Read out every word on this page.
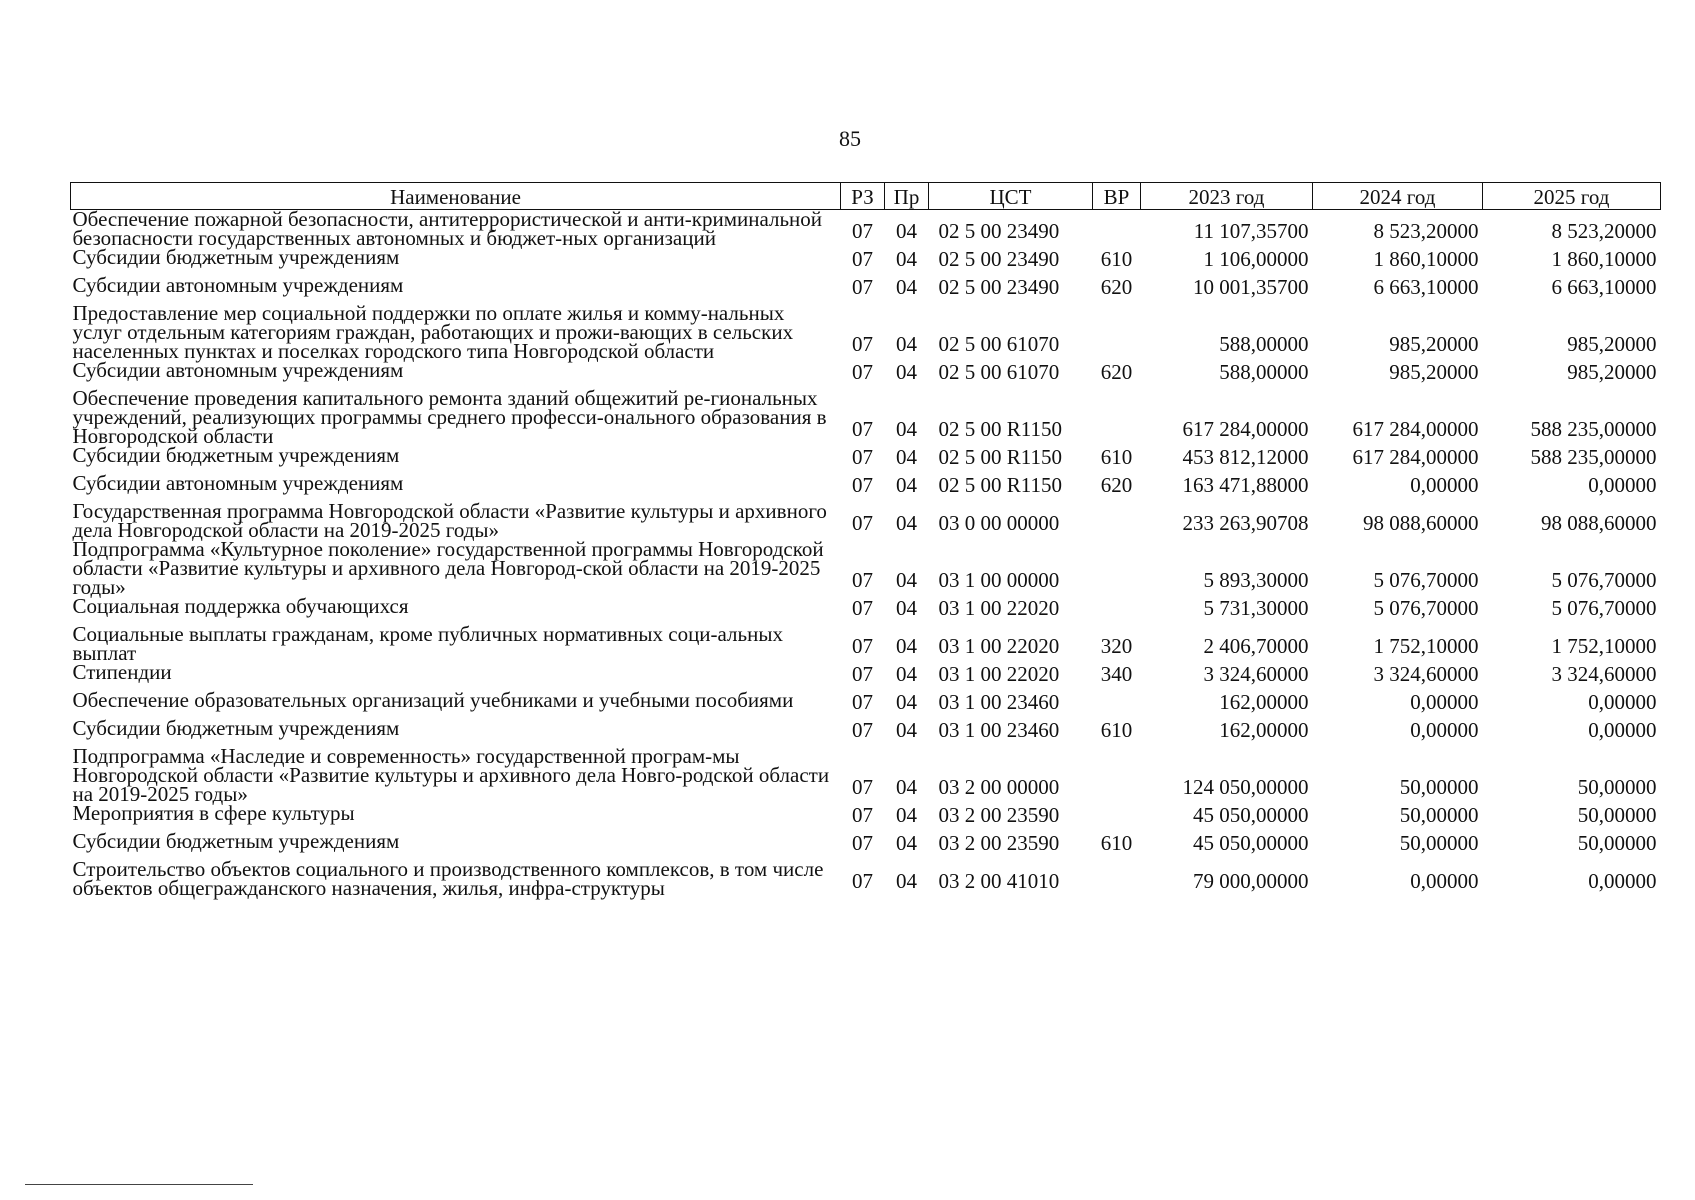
85
Наименование	РЗ	Пр	ЦСТ	ВР	2023 год	2024 год	2025 год
Обеспечение пожарной безопасности, антитеррористической и анти-криминальной безопасности государственных автономных и бюджет-ных организаций	07	04	02 5 00 23490		11 107,35700	8 523,20000	8 523,20000
Субсидии бюджетным учреждениям	07	04	02 5 00 23490	610	1 106,00000	1 860,10000	1 860,10000
Субсидии автономным учреждениям	07	04	02 5 00 23490	620	10 001,35700	6 663,10000	6 663,10000
Предоставление мер социальной поддержки по оплате жилья и комму-нальных услуг отдельным категориям граждан, работающих и прожи-вающих в сельских населенных пунктах и поселках городского типа Новгородской области	07	04	02 5 00 61070		588,00000	985,20000	985,20000
Субсидии автономным учреждениям	07	04	02 5 00 61070	620	588,00000	985,20000	985,20000
Обеспечение проведения капитального ремонта зданий общежитий ре-гиональных учреждений, реализующих программы среднего професси-онального образования в Новгородской области	07	04	02 5 00 R1150		617 284,00000	617 284,00000	588 235,00000
Субсидии бюджетным учреждениям	07	04	02 5 00 R1150	610	453 812,12000	617 284,00000	588 235,00000
Субсидии автономным учреждениям	07	04	02 5 00 R1150	620	163 471,88000	0,00000	0,00000
Государственная программа Новгородской области «Развитие культуры и архивного дела Новгородской области на 2019-2025 годы»	07	04	03 0 00 00000		233 263,90708	98 088,60000	98 088,60000
Подпрограмма «Культурное поколение» государственной программы Новгородской области «Развитие культуры и архивного дела Новгород-ской области на 2019-2025 годы»	07	04	03 1 00 00000		5 893,30000	5 076,70000	5 076,70000
Социальная поддержка обучающихся	07	04	03 1 00 22020		5 731,30000	5 076,70000	5 076,70000
Социальные выплаты гражданам, кроме публичных нормативных соци-альных выплат	07	04	03 1 00 22020	320	2 406,70000	1 752,10000	1 752,10000
Стипендии	07	04	03 1 00 22020	340	3 324,60000	3 324,60000	3 324,60000
Обеспечение образовательных организаций учебниками и учебными пособиями	07	04	03 1 00 23460		162,00000	0,00000	0,00000
Субсидии бюджетным учреждениям	07	04	03 1 00 23460	610	162,00000	0,00000	0,00000
Подпрограмма «Наследие и современность» государственной програм-мы Новгородской области «Развитие культуры и архивного дела Новго-родской области на 2019-2025 годы»	07	04	03 2 00 00000		124 050,00000	50,00000	50,00000
Мероприятия в сфере культуры	07	04	03 2 00 23590		45 050,00000	50,00000	50,00000
Субсидии бюджетным учреждениям	07	04	03 2 00 23590	610	45 050,00000	50,00000	50,00000
Строительство объектов социального и производственного комплексов, в том числе объектов общегражданского назначения, жилья, инфра-структуры	07	04	03 2 00 41010		79 000,00000	0,00000	0,00000
